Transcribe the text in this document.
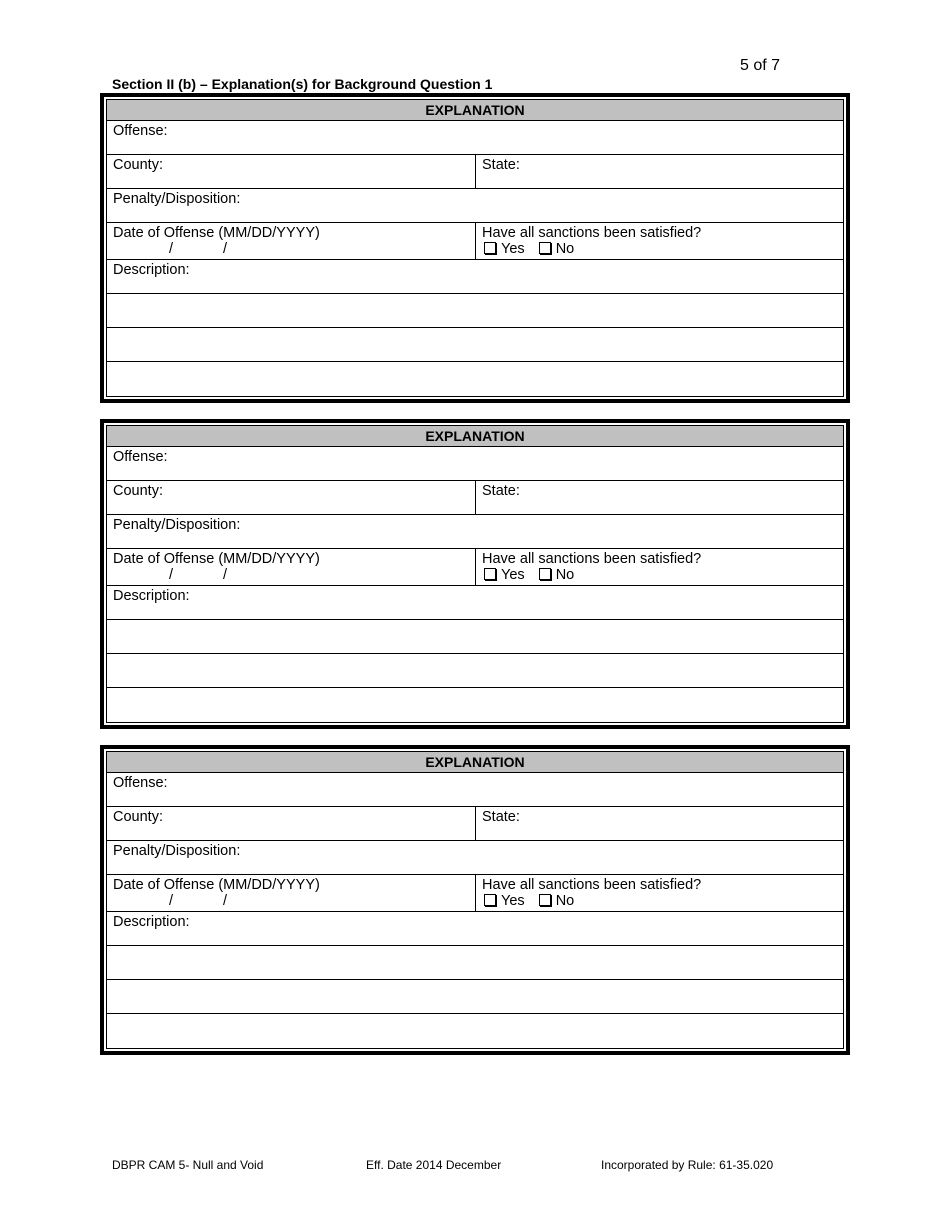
5 of 7
Section II (b) – Explanation(s) for Background Question 1
EXPLANATION
Offense:
County:	State:
Penalty/Disposition:
Date of Offense (MM/DD/YYYY)
/	/
Have all sanctions been satisfied?
Yes No
Description:
EXPLANATION
Offense:
County:	State:
Penalty/Disposition:
Date of Offense (MM/DD/YYYY)
/	/
Have all sanctions been satisfied?
Yes No
Description:
EXPLANATION
Offense:
County:	State:
Penalty/Disposition:
Date of Offense (MM/DD/YYYY)
/	/
Have all sanctions been satisfied?
Yes No
Description:
DBPR CAM 5- Null and Void	Eff. Date 2014 December	Incorporated by Rule: 61-35.020
